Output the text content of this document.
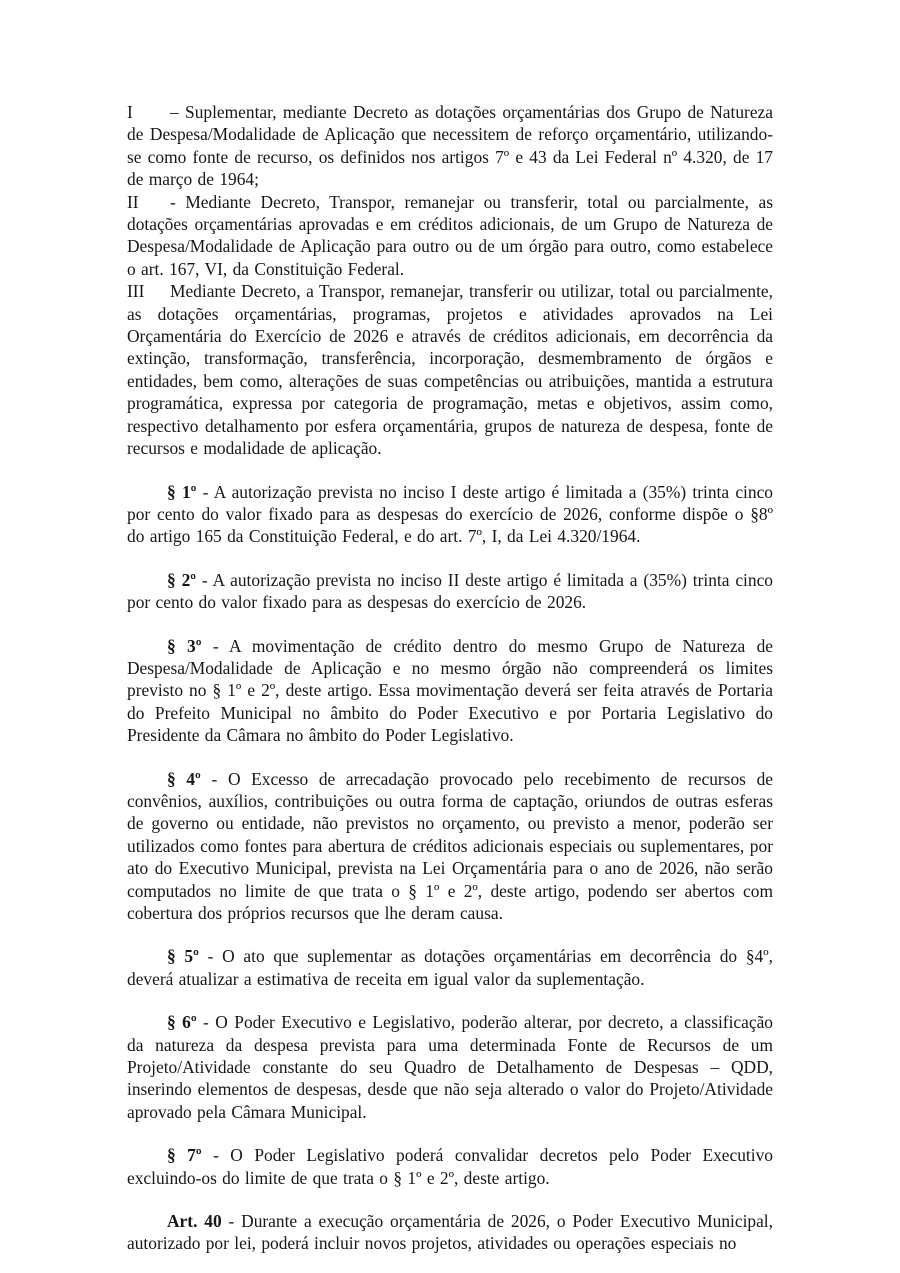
I – Suplementar, mediante Decreto as dotações orçamentárias dos Grupo de Natureza de Despesa/Modalidade de Aplicação que necessitem de reforço orçamentário, utilizando-se como fonte de recurso, os definidos nos artigos 7º e 43 da Lei Federal nº 4.320, de 17 de março de 1964;

II - Mediante Decreto, Transpor, remanejar ou transferir, total ou parcialmente, as dotações orçamentárias aprovadas e em créditos adicionais, de um Grupo de Natureza de Despesa/Modalidade de Aplicação para outro ou de um órgão para outro, como estabelece o art. 167, VI, da Constituição Federal.

III Mediante Decreto, a Transpor, remanejar, transferir ou utilizar, total ou parcialmente, as dotações orçamentárias, programas, projetos e atividades aprovados na Lei Orçamentária do Exercício de 2026 e através de créditos adicionais, em decorrência da extinção, transformação, transferência, incorporação, desmembramento de órgãos e entidades, bem como, alterações de suas competências ou atribuições, mantida a estrutura programática, expressa por categoria de programação, metas e objetivos, assim como, respectivo detalhamento por esfera orçamentária, grupos de natureza de despesa, fonte de recursos e modalidade de aplicação.

§ 1º - A autorização prevista no inciso I deste artigo é limitada a (35%) trinta cinco por cento do valor fixado para as despesas do exercício de 2026, conforme dispõe o §8º do artigo 165 da Constituição Federal, e do art. 7º, I, da Lei 4.320/1964.

§ 2º - A autorização prevista no inciso II deste artigo é limitada a (35%) trinta cinco por cento do valor fixado para as despesas do exercício de 2026.

§ 3º - A movimentação de crédito dentro do mesmo Grupo de Natureza de Despesa/Modalidade de Aplicação e no mesmo órgão não compreenderá os limites previsto no § 1º e 2º, deste artigo. Essa movimentação deverá ser feita através de Portaria do Prefeito Municipal no âmbito do Poder Executivo e por Portaria Legislativo do Presidente da Câmara no âmbito do Poder Legislativo.

§ 4º - O Excesso de arrecadação provocado pelo recebimento de recursos de convênios, auxílios, contribuições ou outra forma de captação, oriundos de outras esferas de governo ou entidade, não previstos no orçamento, ou previsto a menor, poderão ser utilizados como fontes para abertura de créditos adicionais especiais ou suplementares, por ato do Executivo Municipal, prevista na Lei Orçamentária para o ano de 2026, não serão computados no limite de que trata o § 1º e 2º, deste artigo, podendo ser abertos com cobertura dos próprios recursos que lhe deram causa.

§ 5º - O ato que suplementar as dotações orçamentárias em decorrência do §4º, deverá atualizar a estimativa de receita em igual valor da suplementação.

§ 6º - O Poder Executivo e Legislativo, poderão alterar, por decreto, a classificação da natureza da despesa prevista para uma determinada Fonte de Recursos de um Projeto/Atividade constante do seu Quadro de Detalhamento de Despesas – QDD, inserindo elementos de despesas, desde que não seja alterado o valor do Projeto/Atividade aprovado pela Câmara Municipal.

§ 7º - O Poder Legislativo poderá convalidar decretos pelo Poder Executivo excluindo-os do limite de que trata o § 1º e 2º, deste artigo.

Art. 40 - Durante a execução orçamentária de 2026, o Poder Executivo Municipal, autorizado por lei, poderá incluir novos projetos, atividades ou operações especiais no
